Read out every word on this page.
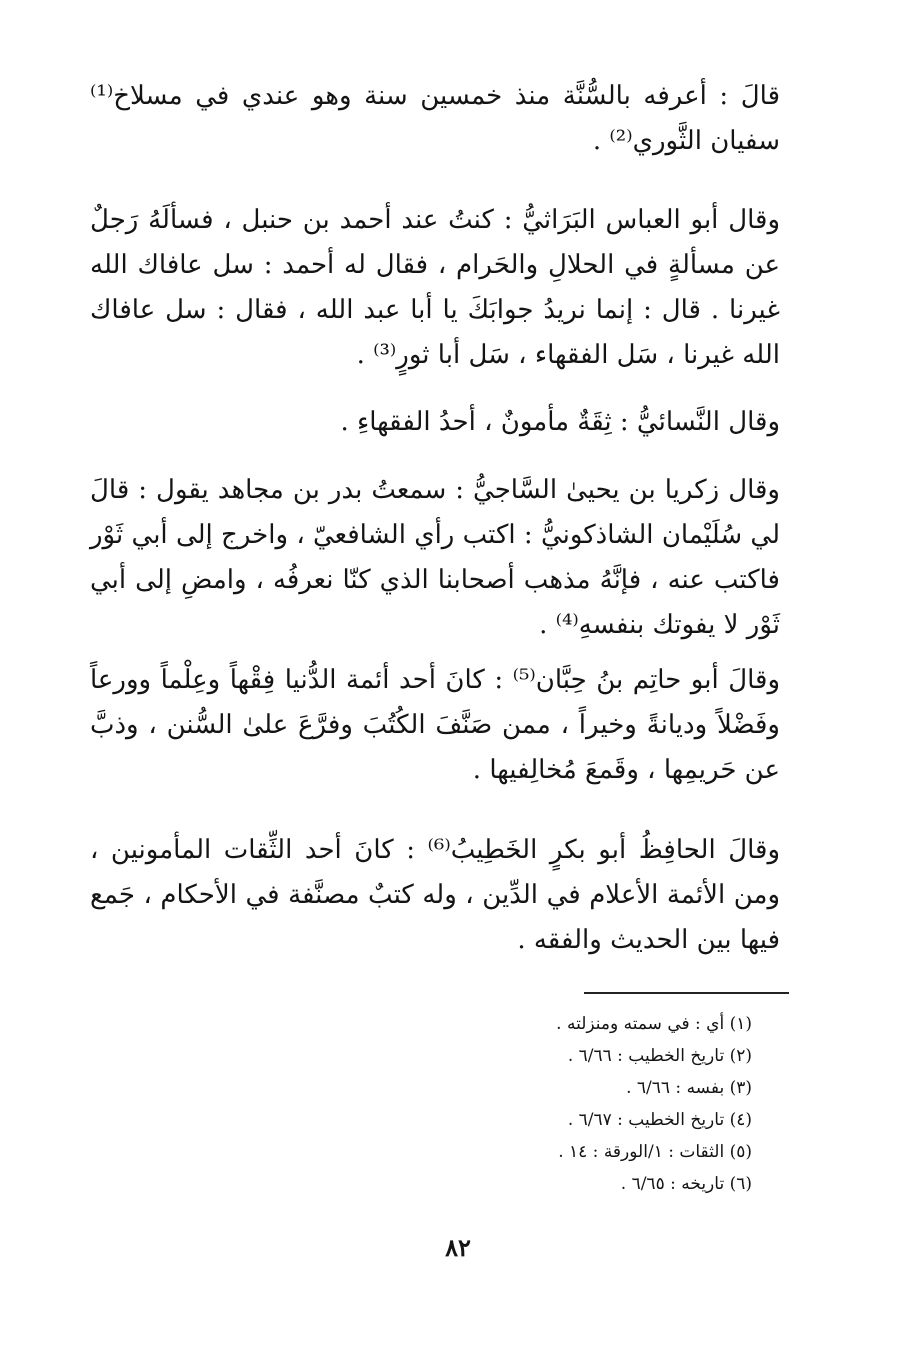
قالَ : أعرفه بالسُّنَّة منذ خمسين سنة وهو عندي في مسلاخ⁽¹⁾ سفيان الثَّوري⁽²⁾ .

وقال أبو العباس البَرَاثيُّ : كنتُ عند أحمد بن حنبل ، فسألَهُ رَجلٌ عن مسألةٍ في الحلالِ والحَرام ، فقال له أحمد : سل عافاك الله غيرنا . قال : إنما نريدُ جوابَكَ يا أبا عبد الله ، فقال : سل عافاك الله غيرنا ، سَل الفقهاء ، سَل أبا ثورٍ⁽³⁾ .

وقال النَّسائيُّ : ثِقَةٌ مأمونٌ ، أحدُ الفقهاءِ .

وقال زكريا بن يحيىٰ السَّاجيُّ : سمعتُ بدر بن مجاهد يقول : قالَ لي سُلَيْمان الشاذكونيُّ : اكتب رأي الشافعيّ ، واخرج إلى أبي ثَوْر فاكتب عنه ، فإنَّهُ مذهب أصحابنا الذي كنّا نعرفُه ، وامضِ إلى أبي ثَوْر لا يفوتك بنفسهِ⁽⁴⁾ .

وقالَ أبو حاتِم بنُ حِبَّان⁽⁵⁾ : كانَ أحد أئمة الدُّنيا فِقْهاً وعِلْماً وورعاً وفَضْلاً وديانةً وخيراً ، ممن صَنَّفَ الكُتُبَ وفرَّعَ علىٰ السُّنن ، وذبَّ عن حَريمِها ، وقَمعَ مُخالِفيها .

وقالَ الحافِظُ أبو بكرٍ الخَطِيبُ⁽⁶⁾ : كانَ أحد الثِّقات المأمونين ، ومن الأئمة الأعلام في الدِّين ، وله كتبٌ مصنَّفة في الأحكام ، جَمع فيها بين الحديث والفقه .

(١) أي : في سمته ومنزلته .
(٢) تاريخ الخطيب : ٦/٦٦ .
(٣) بفسه : ٦/٦٦ .
(٤) تاريخ الخطيب : ٦/٦٧ .
(٥) الثقات : ١/الورقة : ١٤ .
(٦) تاريخه : ٦/٦٥ .
٨٢
